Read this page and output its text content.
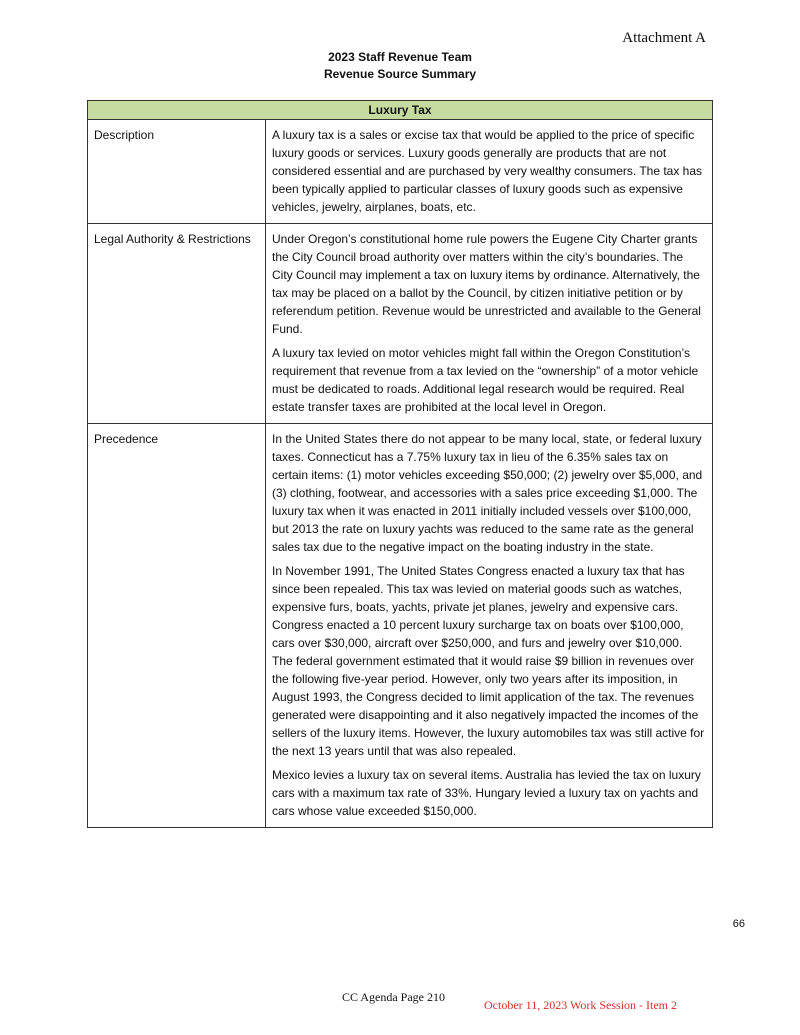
Attachment A
2023 Staff Revenue Team
Revenue Source Summary
Luxury Tax
Description	A luxury tax is a sales or excise tax that would be applied to the price of specific luxury goods or services. Luxury goods generally are products that are not considered essential and are purchased by very wealthy consumers. The tax has been typically applied to particular classes of luxury goods such as expensive vehicles, jewelry, airplanes, boats, etc.

Legal Authority & Restrictions	Under Oregon’s constitutional home rule powers the Eugene City Charter grants the City Council broad authority over matters within the city’s boundaries. The City Council may implement a tax on luxury items by ordinance. Alternatively, the tax may be placed on a ballot by the Council, by citizen initiative petition or by referendum petition. Revenue would be unrestricted and available to the General Fund.

A luxury tax levied on motor vehicles might fall within the Oregon Constitution’s requirement that revenue from a tax levied on the “ownership” of a motor vehicle must be dedicated to roads. Additional legal research would be required. Real estate transfer taxes are prohibited at the local level in Oregon.

Precedence	In the United States there do not appear to be many local, state, or federal luxury taxes. Connecticut has a 7.75% luxury tax in lieu of the 6.35% sales tax on certain items: (1) motor vehicles exceeding $50,000; (2) jewelry over $5,000, and (3) clothing, footwear, and accessories with a sales price exceeding $1,000. The luxury tax when it was enacted in 2011 initially included vessels over $100,000, but 2013 the rate on luxury yachts was reduced to the same rate as the general sales tax due to the negative impact on the boating industry in the state.

In November 1991, The United States Congress enacted a luxury tax that has since been repealed. This tax was levied on material goods such as watches, expensive furs, boats, yachts, private jet planes, jewelry and expensive cars. Congress enacted a 10 percent luxury surcharge tax on boats over $100,000, cars over $30,000, aircraft over $250,000, and furs and jewelry over $10,000. The federal government estimated that it would raise $9 billion in revenues over the following five-year period. However, only two years after its imposition, in August 1993, the Congress decided to limit application of the tax. The revenues generated were disappointing and it also negatively impacted the incomes of the sellers of the luxury items. However, the luxury automobiles tax was still active for the next 13 years until that was also repealed.

Mexico levies a luxury tax on several items. Australia has levied the tax on luxury cars with a maximum tax rate of 33%. Hungary levied a luxury tax on yachts and cars whose value exceeded $150,000.

66
CC Agenda Page 210
October 11, 2023 Work Session - Item 2
